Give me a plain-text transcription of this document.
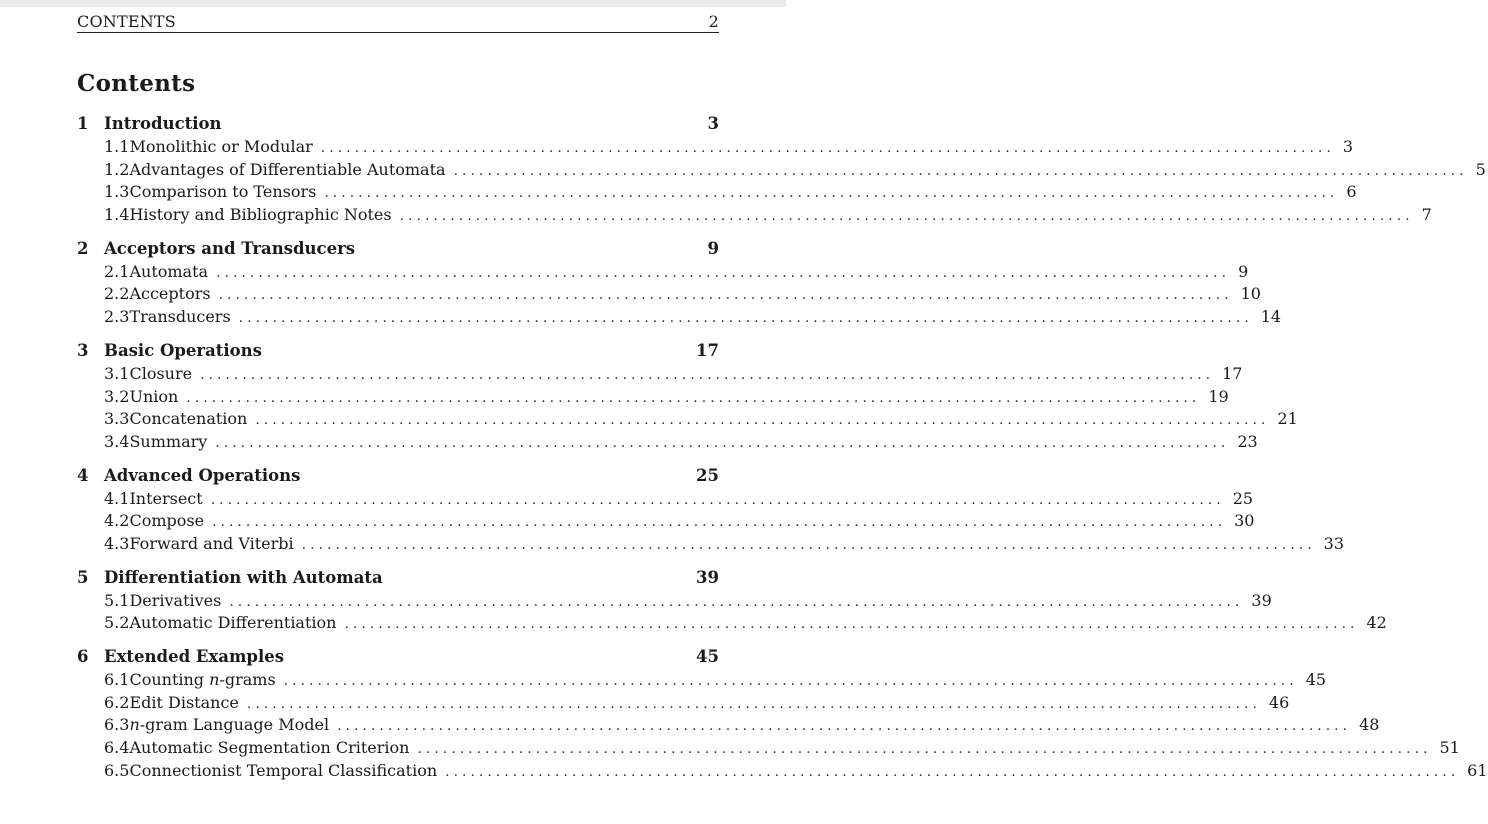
CONTENTS	2
Contents
1 Introduction	3
1.1 Monolithic or Modular ........................................................................................................................ 3
1.2 Advantages of Differentiable Automata ........................................................................................................................ 5
1.3 Comparison to Tensors ........................................................................................................................ 6
1.4 History and Bibliographic Notes ........................................................................................................................ 7
2 Acceptors and Transducers	9
2.1 Automata ........................................................................................................................ 9
2.2 Acceptors ........................................................................................................................ 10
2.3 Transducers ........................................................................................................................ 14
3 Basic Operations	17
3.1 Closure ........................................................................................................................ 17
3.2 Union ........................................................................................................................ 19
3.3 Concatenation ........................................................................................................................ 21
3.4 Summary ........................................................................................................................ 23
4 Advanced Operations	25
4.1 Intersect ........................................................................................................................ 25
4.2 Compose ........................................................................................................................ 30
4.3 Forward and Viterbi ........................................................................................................................ 33
5 Differentiation with Automata	39
5.1 Derivatives ........................................................................................................................ 39
5.2 Automatic Differentiation ........................................................................................................................ 42
6 Extended Examples	45
6.1 Counting n-grams ........................................................................................................................ 45
6.2 Edit Distance ........................................................................................................................ 46
6.3 n-gram Language Model ........................................................................................................................ 48
6.4 Automatic Segmentation Criterion ........................................................................................................................ 51
6.5 Connectionist Temporal Classification ........................................................................................................................ 61
